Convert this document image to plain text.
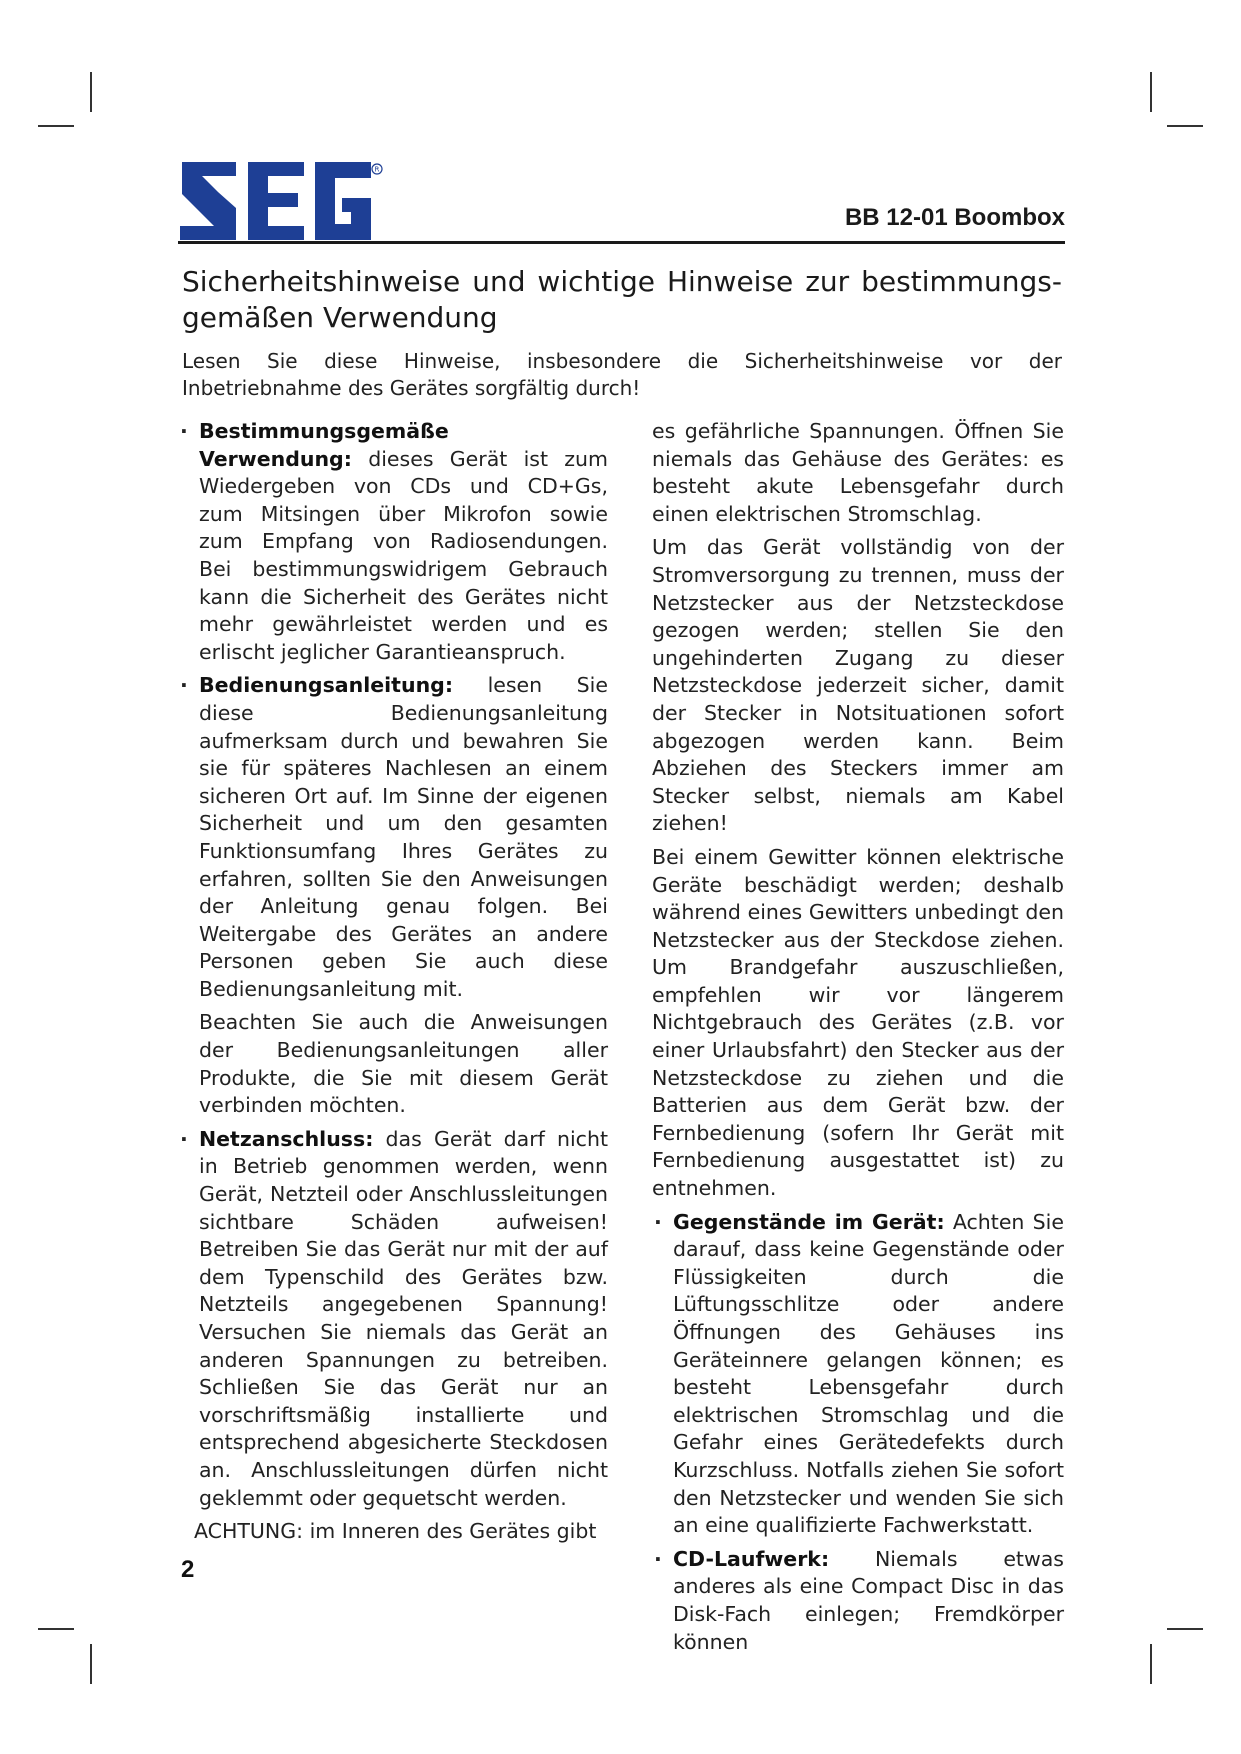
R
BB 12-01 Boombox
Sicherheitshinweise und wichtige Hinweise zur bestimmungs-gemäßen Verwendung

Lesen Sie diese Hinweise, insbesondere die Sicherheitshinweise vor der Inbetriebnahme des Gerätes sorgfältig durch!

· Bestimmungsgemäße Verwendung: dieses Gerät ist zum Wiedergeben von CDs und CD+Gs, zum Mitsingen über Mikrofon sowie zum Empfang von Radiosendungen. Bei bestimmungswidrigem Gebrauch kann die Sicherheit des Gerätes nicht mehr gewährleistet werden und es erlischt jeglicher Garantieanspruch.

· Bedienungsanleitung: lesen Sie diese Bedienungsanleitung aufmerksam durch und bewahren Sie sie für späteres Nachlesen an einem sicheren Ort auf. Im Sinne der eigenen Sicherheit und um den gesamten Funktionsumfang Ihres Gerätes zu erfahren, sollten Sie den Anweisungen der Anleitung genau folgen. Bei Weitergabe des Gerätes an andere Personen geben Sie auch diese Bedienungsanleitung mit.

Beachten Sie auch die Anweisungen der Bedienungsanleitungen aller Produkte, die Sie mit diesem Gerät verbinden möchten.

· Netzanschluss: das Gerät darf nicht in Betrieb genommen werden, wenn Gerät, Netzteil oder Anschlussleitungen sichtbare Schäden aufweisen! Betreiben Sie das Gerät nur mit der auf dem Typenschild des Gerätes bzw. Netzteils angegebenen Spannung! Versuchen Sie niemals das Gerät an anderen Spannungen zu betreiben. Schließen Sie das Gerät nur an vorschriftsmäßig installierte und entsprechend abgesicherte Steckdosen an. Anschlussleitungen dürfen nicht geklemmt oder gequetscht werden.

ACHTUNG: im Inneren des Gerätes gibt

es gefährliche Spannungen. Öffnen Sie niemals das Gehäuse des Gerätes: es besteht akute Lebensgefahr durch einen elektrischen Stromschlag.

Um das Gerät vollständig von der Stromversorgung zu trennen, muss der Netzstecker aus der Netzsteckdose gezogen werden; stellen Sie den ungehinderten Zugang zu dieser Netzsteckdose jederzeit sicher, damit der Stecker in Notsituationen sofort abgezogen werden kann. Beim Abziehen des Steckers immer am Stecker selbst, niemals am Kabel ziehen!

Bei einem Gewitter können elektrische Geräte beschädigt werden; deshalb während eines Gewitters unbedingt den Netzstecker aus der Steckdose ziehen. Um Brandgefahr auszuschließen, empfehlen wir vor längerem Nichtgebrauch des Gerätes (z.B. vor einer Urlaubsfahrt) den Stecker aus der Netzsteckdose zu ziehen und die Batterien aus dem Gerät bzw. der Fernbedienung (sofern Ihr Gerät mit Fernbedienung ausgestattet ist) zu entnehmen.

· Gegenstände im Gerät: Achten Sie darauf, dass keine Gegenstände oder Flüssigkeiten durch die Lüftungsschlitze oder andere Öffnungen des Gehäuses ins Geräteinnere gelangen können; es besteht Lebensgefahr durch elektrischen Stromschlag und die Gefahr eines Gerätedefekts durch Kurzschluss. Notfalls ziehen Sie sofort den Netzstecker und wenden Sie sich an eine qualifizierte Fachwerkstatt.

· CD-Laufwerk: Niemals etwas anderes als eine Compact Disc in das Disk-Fach einlegen; Fremdkörper können

2
